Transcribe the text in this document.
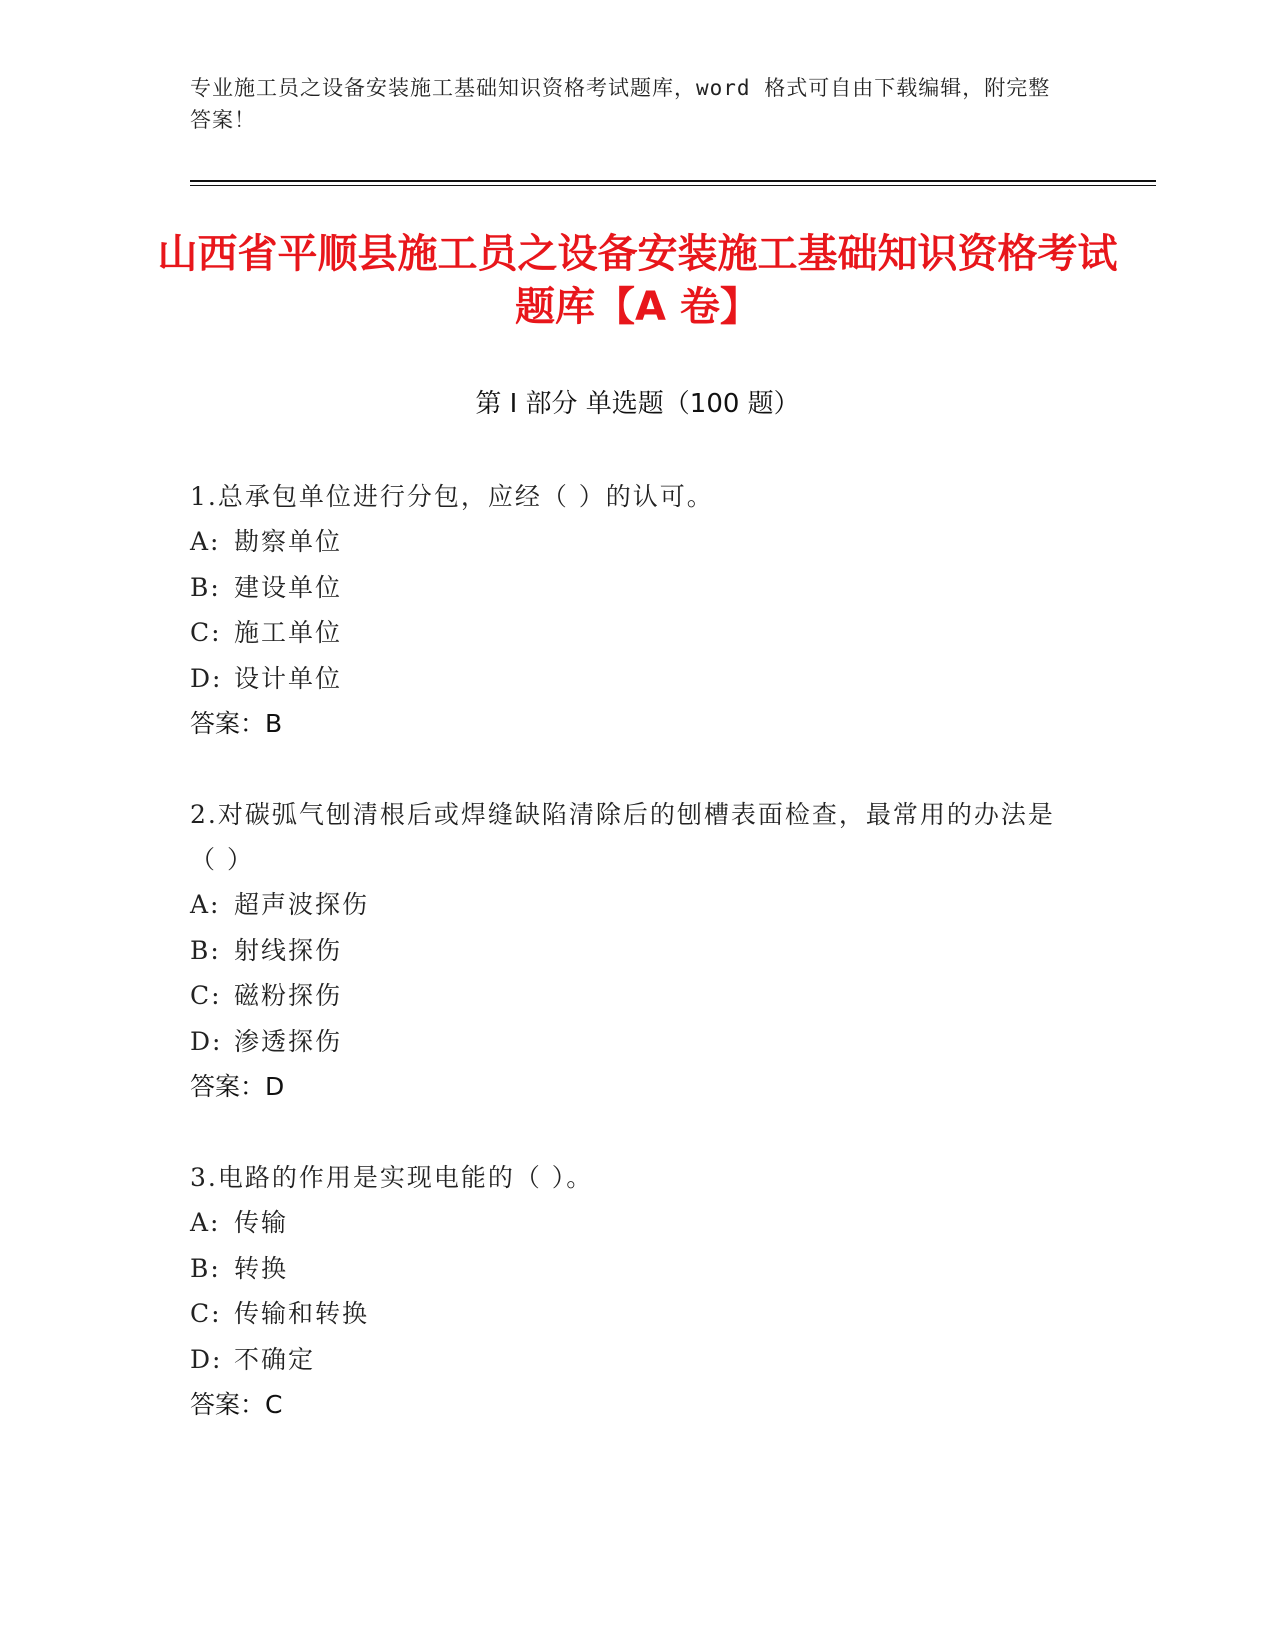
专业施工员之设备安装施工基础知识资格考试题库，word 格式可自由下载编辑，附完整答案！
山西省平顺县施工员之设备安装施工基础知识资格考试题库【A 卷】
第 I 部分 单选题（100 题）

1.总承包单位进行分包，应经（ ）的认可。

A: 勘察单位
B: 建设单位
C: 施工单位
D: 设计单位
答案：B

2.对碳弧气刨清根后或焊缝缺陷清除后的刨槽表面检查，最常用的办法是（ ）

A: 超声波探伤
B: 射线探伤
C: 磁粉探伤
D: 渗透探伤
答案：D

3.电路的作用是实现电能的（ ）。

A: 传输
B: 转换
C: 传输和转换
D: 不确定
答案：C
